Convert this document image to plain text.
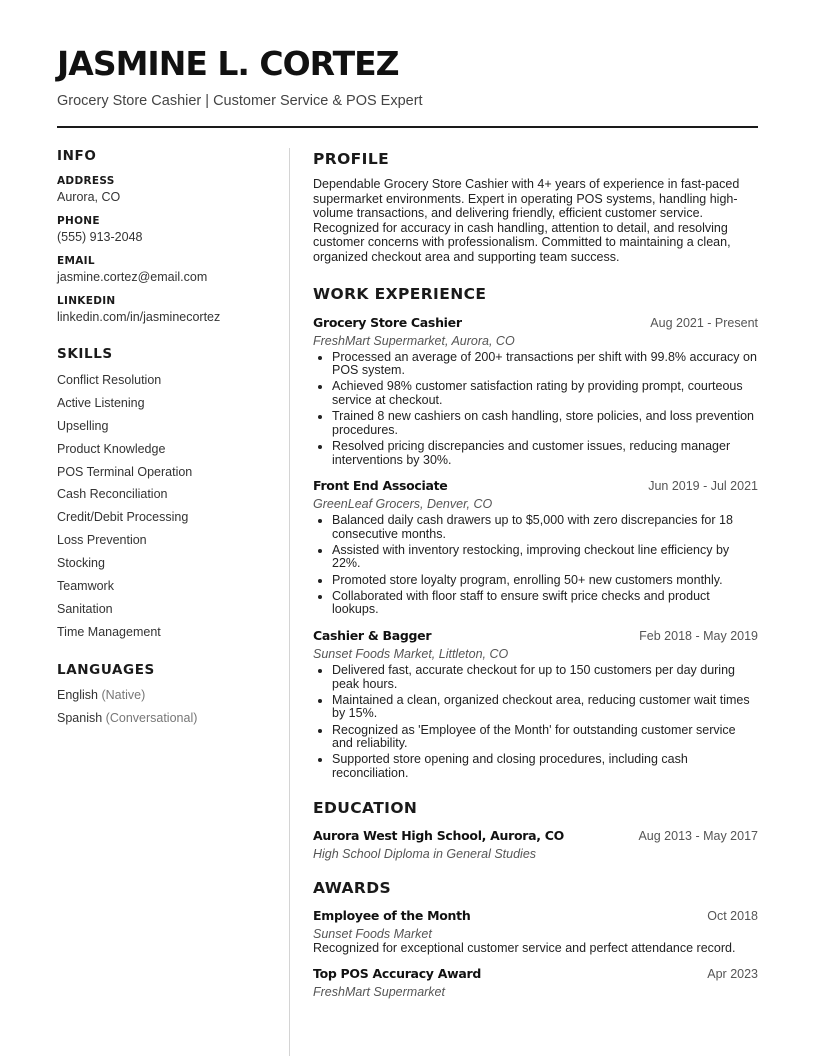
JASMINE L. CORTEZ
Grocery Store Cashier | Customer Service & POS Expert
INFO
ADDRESS
Aurora, CO
PHONE
(555) 913-2048
EMAIL
jasmine.cortez@email.com
LINKEDIN
linkedin.com/in/jasminecortez
SKILLS
Conflict Resolution
Active Listening
Upselling
Product Knowledge
POS Terminal Operation
Cash Reconciliation
Credit/Debit Processing
Loss Prevention
Stocking
Teamwork
Sanitation
Time Management
LANGUAGES
English (Native)
Spanish (Conversational)
PROFILE
Dependable Grocery Store Cashier with 4+ years of experience in fast-paced supermarket environments. Expert in operating POS systems, handling high-volume transactions, and delivering friendly, efficient customer service. Recognized for accuracy in cash handling, attention to detail, and resolving customer concerns with professionalism. Committed to maintaining a clean, organized checkout area and supporting team success.
WORK EXPERIENCE
Grocery Store Cashier	Aug 2021 - Present
FreshMart Supermarket, Aurora, CO
• Processed an average of 200+ transactions per shift with 99.8% accuracy on POS system.
• Achieved 98% customer satisfaction rating by providing prompt, courteous service at checkout.
• Trained 8 new cashiers on cash handling, store policies, and loss prevention procedures.
• Resolved pricing discrepancies and customer issues, reducing manager interventions by 30%.
Front End Associate	Jun 2019 - Jul 2021
GreenLeaf Grocers, Denver, CO
• Balanced daily cash drawers up to $5,000 with zero discrepancies for 18 consecutive months.
• Assisted with inventory restocking, improving checkout line efficiency by 22%.
• Promoted store loyalty program, enrolling 50+ new customers monthly.
• Collaborated with floor staff to ensure swift price checks and product lookups.
Cashier & Bagger	Feb 2018 - May 2019
Sunset Foods Market, Littleton, CO
• Delivered fast, accurate checkout for up to 150 customers per day during peak hours.
• Maintained a clean, organized checkout area, reducing customer wait times by 15%.
• Recognized as 'Employee of the Month' for outstanding customer service and reliability.
• Supported store opening and closing procedures, including cash reconciliation.
EDUCATION
Aurora West High School, Aurora, CO	Aug 2013 - May 2017
High School Diploma in General Studies
AWARDS
Employee of the Month	Oct 2018
Sunset Foods Market
Recognized for exceptional customer service and perfect attendance record.
Top POS Accuracy Award	Apr 2023
FreshMart Supermarket
